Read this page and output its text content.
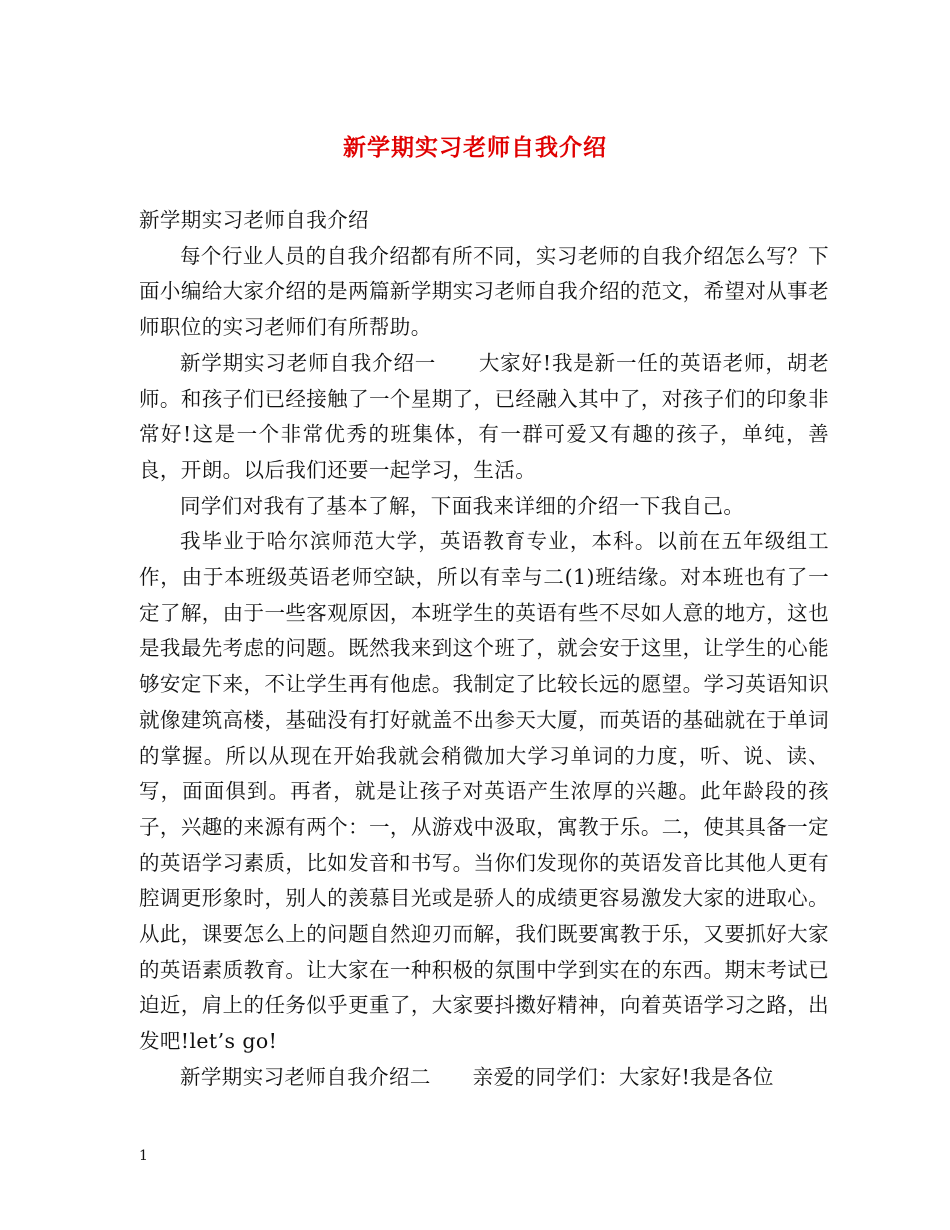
新学期实习老师自我介绍

新学期实习老师自我介绍

每个行业人员的自我介绍都有所不同，实习老师的自我介绍怎么写？下面小编给大家介绍的是两篇新学期实习老师自我介绍的范文，希望对从事老师职位的实习老师们有所帮助。

新学期实习老师自我介绍一　　大家好!我是新一任的英语老师，胡老师。和孩子们已经接触了一个星期了，已经融入其中了，对孩子们的印象非常好!这是一个非常优秀的班集体，有一群可爱又有趣的孩子，单纯，善良，开朗。以后我们还要一起学习，生活。

同学们对我有了基本了解，下面我来详细的介绍一下我自己。

我毕业于哈尔滨师范大学，英语教育专业，本科。以前在五年级组工作，由于本班级英语老师空缺，所以有幸与二(1)班结缘。对本班也有了一定了解，由于一些客观原因，本班学生的英语有些不尽如人意的地方，这也是我最先考虑的问题。既然我来到这个班了，就会安于这里，让学生的心能够安定下来，不让学生再有他虑。我制定了比较长远的愿望。学习英语知识就像建筑高楼，基础没有打好就盖不出参天大厦，而英语的基础就在于单词的掌握。所以从现在开始我就会稍微加大学习单词的力度，听、说、读、写，面面俱到。再者，就是让孩子对英语产生浓厚的兴趣。此年龄段的孩子，兴趣的来源有两个：一，从游戏中汲取，寓教于乐。二，使其具备一定的英语学习素质，比如发音和书写。当你们发现你的英语发音比其他人更有腔调更形象时，别人的羡慕目光或是骄人的成绩更容易激发大家的进取心。从此，课要怎么上的问题自然迎刃而解，我们既要寓教于乐，又要抓好大家的英语素质教育。让大家在一种积极的氛围中学到实在的东西。期末考试已迫近，肩上的任务似乎更重了，大家要抖擞好精神，向着英语学习之路，出发吧!let’s go!

新学期实习老师自我介绍二　　亲爱的同学们：大家好!我是各位

1
